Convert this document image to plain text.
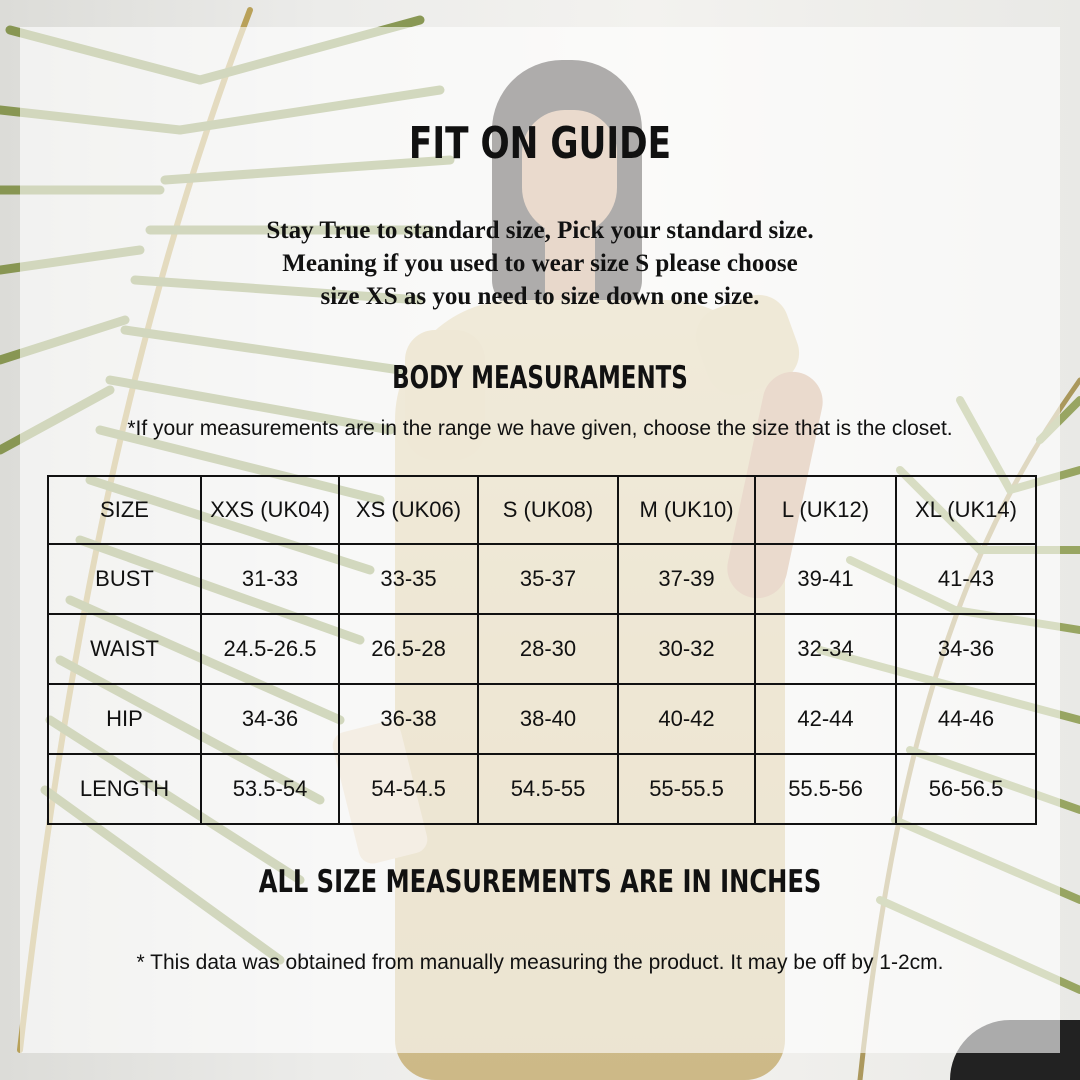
FIT ON GUIDE
Stay True to standard size, Pick your standard size.
Meaning if you used to wear size S please choose
size XS as you need to size down one size.
BODY MEASURAMENTS
*If your measurements are in the range we have given, choose the size that is the closet.
SIZE	XXS (UK04)	XS (UK06)	S (UK08)	M (UK10)	L (UK12)	XL (UK14)
BUST	31-33	33-35	35-37	37-39	39-41	41-43
WAIST	24.5-26.5	26.5-28	28-30	30-32	32-34	34-36
HIP	34-36	36-38	38-40	40-42	42-44	44-46
LENGTH	53.5-54	54-54.5	54.5-55	55-55.5	55.5-56	56-56.5
ALL SIZE MEASUREMENTS ARE IN INCHES
* This data was obtained from manually measuring the product. It may be off by 1-2cm.
